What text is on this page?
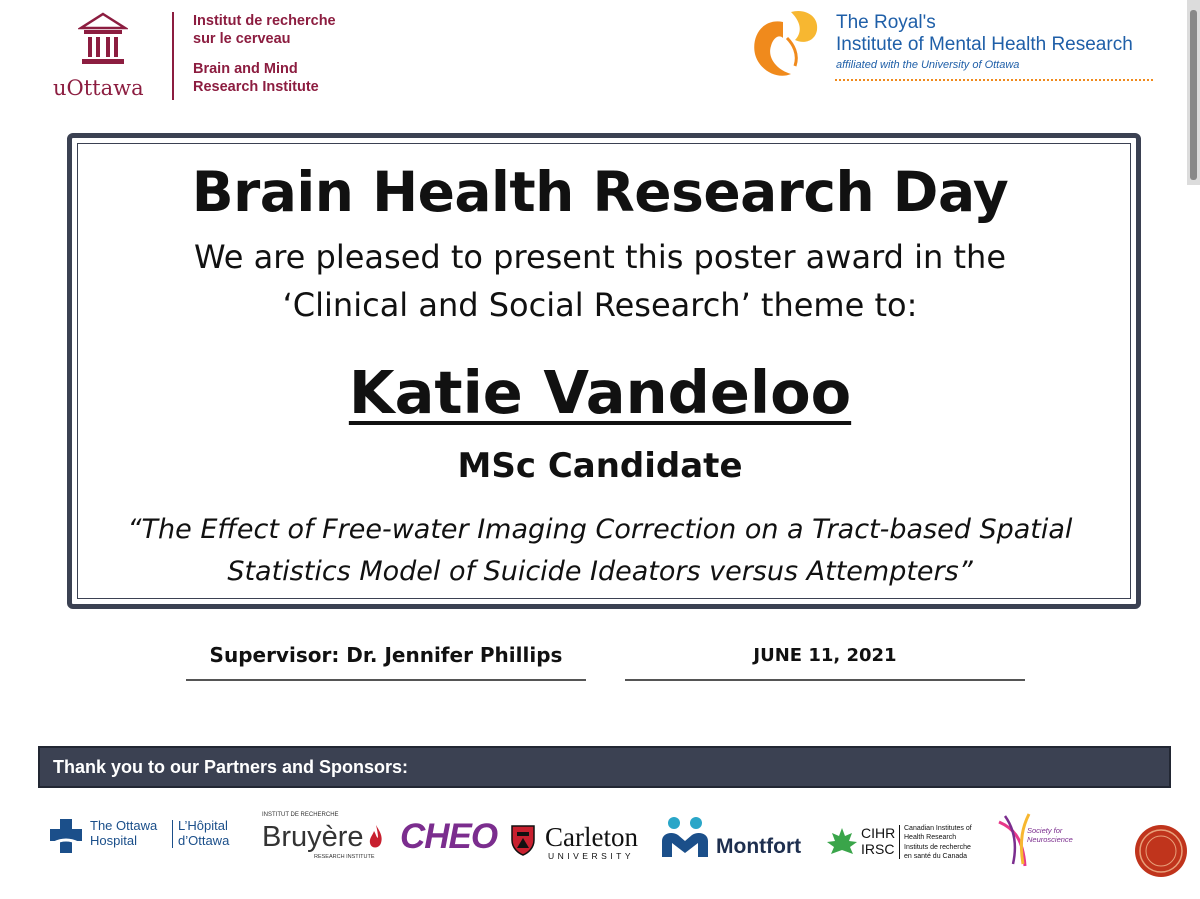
uOttawa
Institut de recherche
sur le cerveau
Brain and Mind
Research Institute
The Royal's
Institute of Mental Health Research
affiliated with the University of Ottawa
Brain Health Research Day
We are pleased to present this poster award in the
‘Clinical and Social Research’ theme to:
Katie Vandeloo
MSc Candidate
“The Effect of Free-water Imaging Correction on a Tract-based Spatial
Statistics Model of Suicide Ideators versus Attempters”
Supervisor: Dr. Jennifer Phillips	JUNE 11, 2021
Thank you to our Partners and Sponsors:
The Ottawa
Hospital
L’Hôpital
d’Ottawa
INSTITUT DE RECHERCHE
Bruyère
RESEARCH INSTITUTE
CHEO Carleton
UNIVERSITY	Montfort
CIHR
IRSC
Canadian Institutes of
Health Research
Instituts de recherche
en santé du Canada
Society for
Neuroscience
